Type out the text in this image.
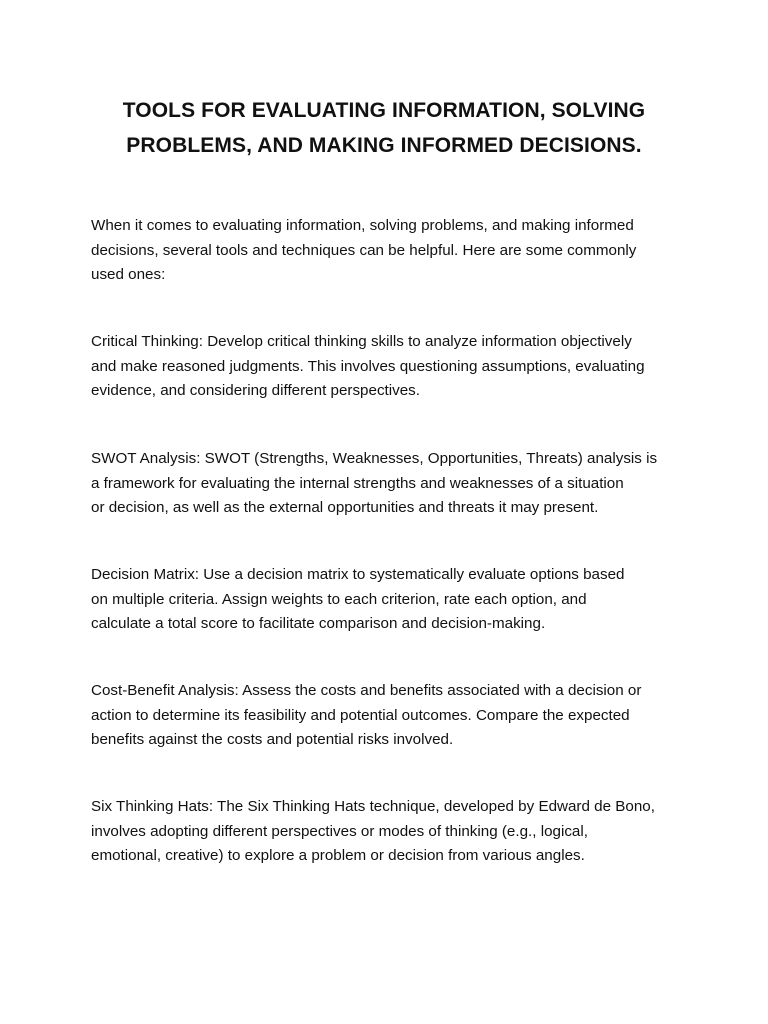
TOOLS FOR EVALUATING INFORMATION, SOLVING
PROBLEMS, AND MAKING INFORMED DECISIONS.

When it comes to evaluating information, solving problems, and making informed
decisions, several tools and techniques can be helpful. Here are some commonly
used ones:

Critical Thinking: Develop critical thinking skills to analyze information objectively
and make reasoned judgments. This involves questioning assumptions, evaluating
evidence, and considering different perspectives.

SWOT Analysis: SWOT (Strengths, Weaknesses, Opportunities, Threats) analysis is
a framework for evaluating the internal strengths and weaknesses of a situation
or decision, as well as the external opportunities and threats it may present.

Decision Matrix: Use a decision matrix to systematically evaluate options based
on multiple criteria. Assign weights to each criterion, rate each option, and
calculate a total score to facilitate comparison and decision-making.

Cost-Benefit Analysis: Assess the costs and benefits associated with a decision or
action to determine its feasibility and potential outcomes. Compare the expected
benefits against the costs and potential risks involved.

Six Thinking Hats: The Six Thinking Hats technique, developed by Edward de Bono,
involves adopting different perspectives or modes of thinking (e.g., logical,
emotional, creative) to explore a problem or decision from various angles.
